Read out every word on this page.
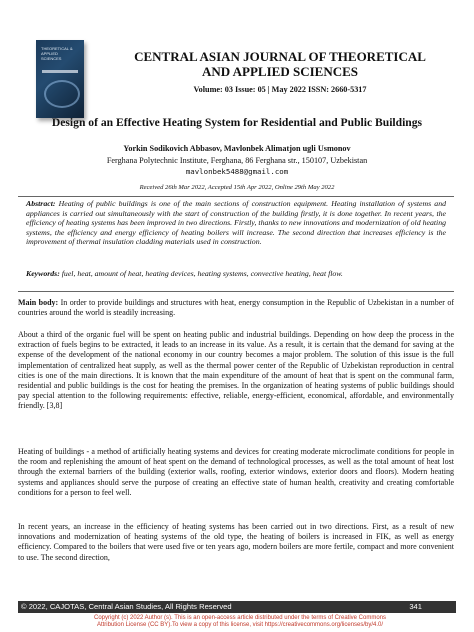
THEORETICAL & APPLIED SCIENCES	CENTRAL ASIAN JOURNAL OF THEORETICAL
AND APPLIED SCIENCES
Volume: 03 Issue: 05 | May 2022 ISSN: 2660-5317
Design of an Effective Heating System for Residential and Public Buildings
Yorkin Sodikovich Abbasov, Mavlonbek Alimatjon ugli Usmonov
Ferghana Polytechnic Institute, Ferghana, 86 Ferghana str., 150107, Uzbekistan
mavlonbek5488@gmail.com
Received 26th Mar 2022, Accepted 15th Apr 2022, Online 29th May 2022
Abstract: Heating of public buildings is one of the main sections of construction equipment. Heating installation of systems and appliances is carried out simultaneously with the start of construction of the building firstly, it is done together. In recent years, the efficiency of heating systems has been improved in two directions. Firstly, thanks to new innovations and modernization of old heating systems, the efficiency and energy efficiency of heating boilers will increase. The second direction that increases efficiency is the improvement of thermal insulation cladding materials used in construction.
Keywords: fuel, heat, amount of heat, heating devices, heating systems, convective heating, heat flow.
Main body: In order to provide buildings and structures with heat, energy consumption in the Republic of Uzbekistan in a number of countries around the world is steadily increasing.
About a third of the organic fuel will be spent on heating public and industrial buildings. Depending on how deep the process in the extraction of fuels begins to be extracted, it leads to an increase in its value. As a result, it is certain that the demand for saving at the expense of the development of the national economy in our country becomes a major problem. The solution of this issue is the full implementation of centralized heat supply, as well as the thermal power center of the Republic of Uzbekistan reproduction in central cities is one of the main directions. It is known that the main expenditure of the amount of heat that is spent on the communal farm, residential and public buildings is the cost for heating the premises. In the organization of heating systems of public buildings should pay special attention to the following requirements: effective, reliable, energy-efficient, economical, affordable, and environmentally friendly. [3,8]
Heating of buildings - a method of artificially heating systems and devices for creating moderate microclimate conditions for people in the room and replenishing the amount of heat spent on the demand of technological processes, as well as the total amount of heat lost through the external barriers of the building (exterior walls, roofing, exterior windows, exterior doors and floors). Modern heating systems and appliances should serve the purpose of creating an effective state of human health, creativity and creating comfortable conditions for a person to feel well.
In recent years, an increase in the efficiency of heating systems has been carried out in two directions. First, as a result of new innovations and modernization of heating systems of the old type, the heating of boilers is increased in FIK, as well as energy efficiency. Compared to the boilers that were used five or ten years ago, modern boilers are more fertile, compact and more convenient to use. The second direction,
© 2022, CAJOTAS, Central Asian Studies, All Rights Reserved	341
Copyright (c) 2022 Author (s). This is an open-access article distributed under the terms of Creative Commons
Attribution License (CC BY).To view a copy of this license, visit https://creativecommons.org/licenses/by/4.0/
